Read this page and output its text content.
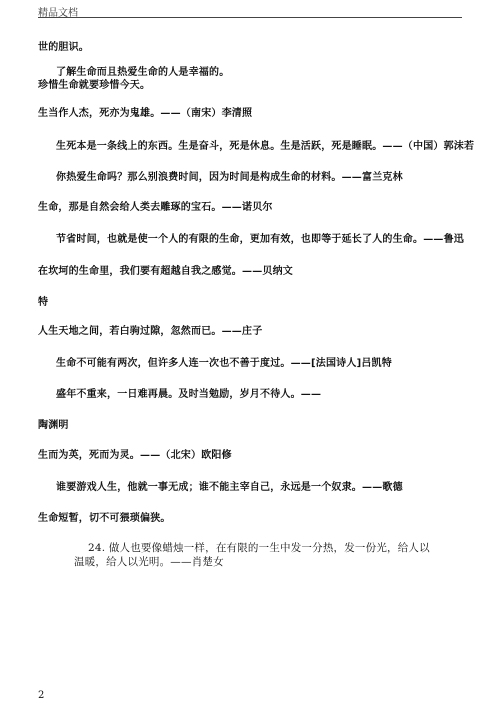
精品文档
世的胆识。
了解生命而且热爱生命的人是幸福的。
珍惜生命就要珍惜今天。
生当作人杰，死亦为鬼雄。——（南宋）李清照
生死本是一条线上的东西。生是奋斗，死是休息。生是活跃，死是睡眠。——（中国）郭沫若
你热爱生命吗？那么别浪费时间，因为时间是构成生命的材料。——富兰克林
生命，那是自然会给人类去雕琢的宝石。——诺贝尔
节省时间，也就是使一个人的有限的生命，更加有效，也即等于延长了人的生命。——鲁迅
在坎坷的生命里，我们要有超越自我之感觉。——贝纳文
特
人生天地之间，若白驹过隙，忽然而已。——庄子
生命不可能有两次，但许多人连一次也不善于度过。——[法国诗人]吕凯特
盛年不重来，一日难再晨。及时当勉励，岁月不待人。——
陶渊明
生而为英，死而为灵。——（北宋）欧阳修
谁要游戏人生，他就一事无成；谁不能主宰自己，永远是一个奴隶。——歌德
生命短暂，切不可猥琐偏狭。
24. 做人也要像蜡烛一样，在有限的一生中发一分热，发一份光，给人以
温暖，给人以光明。——肖楚女
2
